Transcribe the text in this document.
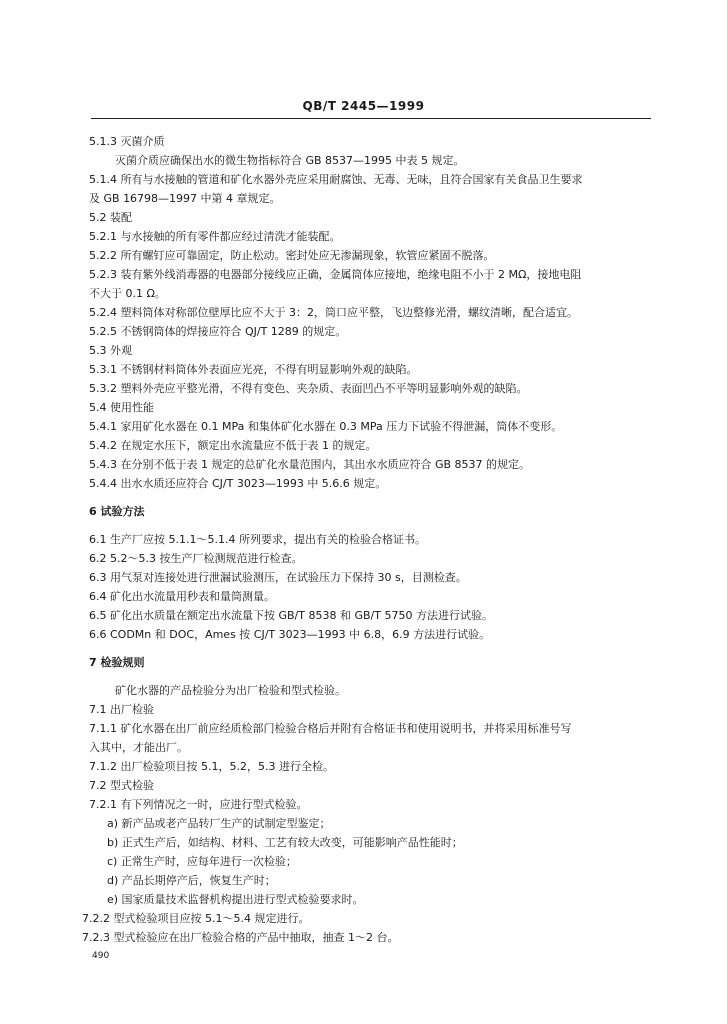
QB/T 2445—1999
5.1.3 灭菌介质
灭菌介质应确保出水的微生物指标符合 GB 8537—1995 中表 5 规定。
5.1.4 所有与水接触的管道和矿化水器外壳应采用耐腐蚀、无毒、无味，且符合国家有关食品卫生要求
及 GB 16798—1997 中第 4 章规定。
5.2 装配
5.2.1 与水接触的所有零件都应经过清洗才能装配。
5.2.2 所有螺钉应可靠固定，防止松动。密封处应无渗漏现象，软管应紧固不脱落。
5.2.3 装有紫外线消毒器的电器部分接线应正确，金属筒体应接地，绝缘电阻不小于 2 MΩ，接地电阻
不大于 0.1 Ω。
5.2.4 塑料筒体对称部位壁厚比应不大于 3：2，筒口应平整，飞边整修光滑，螺纹清晰，配合适宜。
5.2.5 不锈钢筒体的焊接应符合 QJ/T 1289 的规定。
5.3 外观
5.3.1 不锈钢材料筒体外表面应光亮，不得有明显影响外观的缺陷。
5.3.2 塑料外壳应平整光滑，不得有变色、夹杂质、表面凹凸不平等明显影响外观的缺陷。
5.4 使用性能
5.4.1 家用矿化水器在 0.1 MPa 和集体矿化水器在 0.3 MPa 压力下试验不得泄漏，筒体不变形。
5.4.2 在规定水压下，额定出水流量应不低于表 1 的规定。
5.4.3 在分别不低于表 1 规定的总矿化水量范围内，其出水水质应符合 GB 8537 的规定。
5.4.4 出水水质还应符合 CJ/T 3023—1993 中 5.6.6 规定。
6 试验方法
6.1 生产厂应按 5.1.1～5.1.4 所列要求，提出有关的检验合格证书。
6.2 5.2～5.3 按生产厂检测规范进行检查。
6.3 用气泵对连接处进行泄漏试验测压，在试验压力下保持 30 s，目测检查。
6.4 矿化出水流量用秒表和量筒测量。
6.5 矿化出水质量在额定出水流量下按 GB/T 8538 和 GB/T 5750 方法进行试验。
6.6 CODMn 和 DOC，Ames 按 CJ/T 3023—1993 中 6.8，6.9 方法进行试验。
7 检验规则
矿化水器的产品检验分为出厂检验和型式检验。
7.1 出厂检验
7.1.1 矿化水器在出厂前应经质检部门检验合格后并附有合格证书和使用说明书，并将采用标准号写
入其中，才能出厂。
7.1.2 出厂检验项目按 5.1，5.2，5.3 进行全检。
7.2 型式检验
7.2.1 有下列情况之一时，应进行型式检验。
a) 新产品或老产品转厂生产的试制定型鉴定；
b) 正式生产后，如结构、材料、工艺有较大改变，可能影响产品性能时；
c) 正常生产时，应每年进行一次检验；
d) 产品长期停产后，恢复生产时；
e) 国家质量技术监督机构提出进行型式检验要求时。
7.2.2 型式检验项目应按 5.1～5.4 规定进行。
7.2.3 型式检验应在出厂检验合格的产品中抽取，抽查 1～2 台。
490
